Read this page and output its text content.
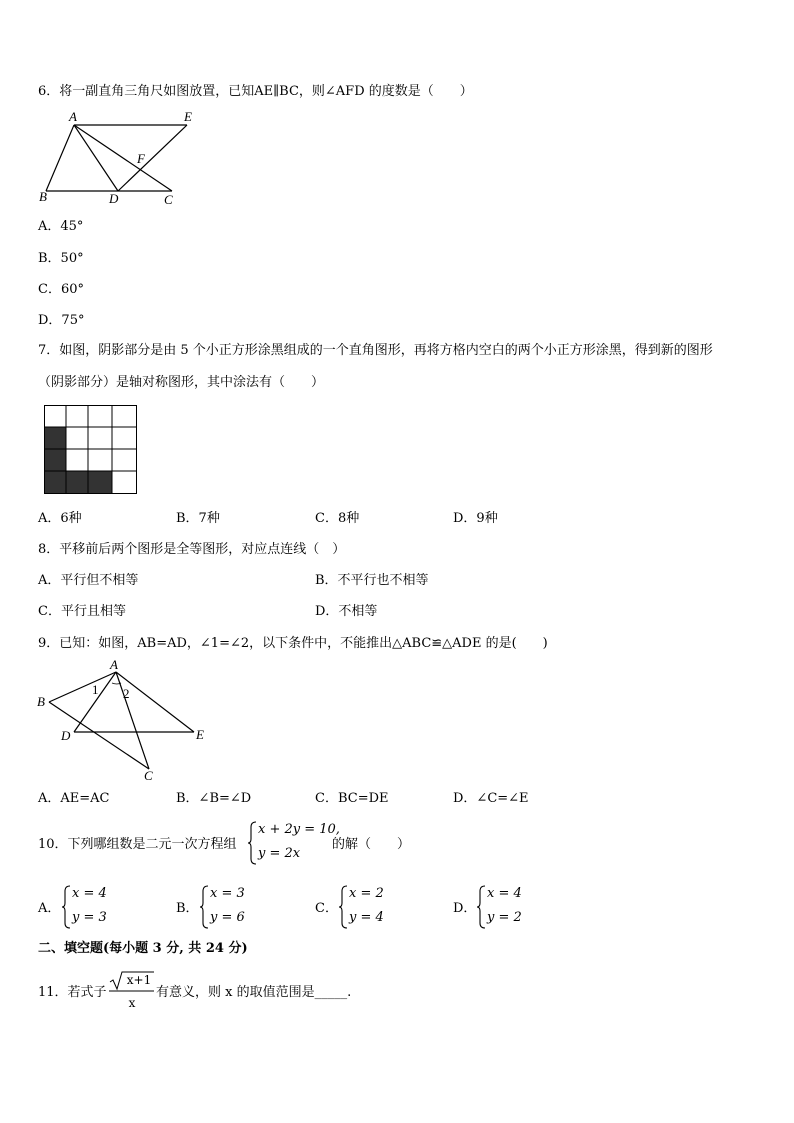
6．将一副直角三角尺如图放置，已知AE∥BC，则∠AFD 的度数是（　　）
A	E
F
B	D	C
A．45°
B．50°
C．60°
D．75°
7．如图，阴影部分是由 5 个小正方形涂黑组成的一个直角图形，再将方格内空白的两个小正方形涂黑，得到新的图形
（阴影部分）是轴对称图形，其中涂法有（　　）
A．6种	B．7种	C．8种	D．9种
8．平移前后两个图形是全等图形，对应点连线（　）
A．平行但不相等	B．不平行也不相等
C．平行且相等	D．不相等
9．已知：如图，AB=AD，∠1=∠2，以下条件中，不能推出△ABC≌△ADE 的是(　　)
A
B
D	E
C
1 2
A．AE=AC	B．∠B=∠D	C．BC=DE	D．∠C=∠E
10．下列哪组数是二元一次方程组
x + 2y = 10,
y = 2x
的解（　　）
A．
x = 4
y = 3
B．
x = 3
y = 6
C．
x = 2
y = 4
D．
x = 4
y = 2
二、填空题(每小题 3 分, 共 24 分)
11．若式子
x+1
x
有意义，则 x 的取值范围是_____.
